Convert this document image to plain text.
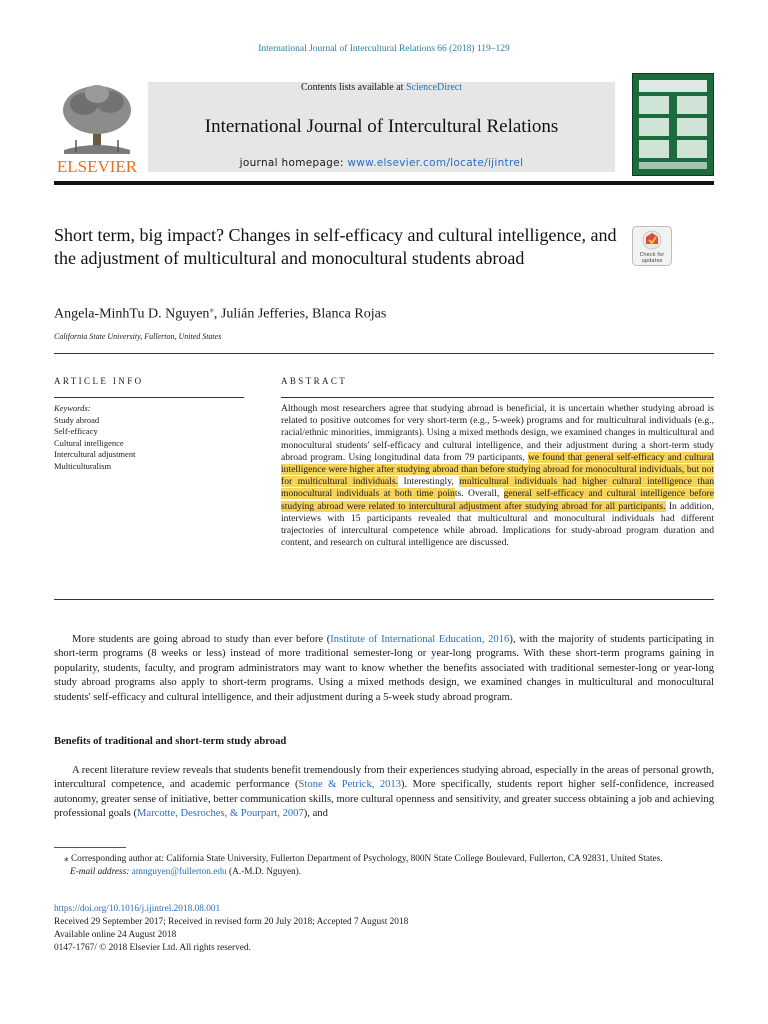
International Journal of Intercultural Relations 66 (2018) 119–129
ELSEVIER
Contents lists available at ScienceDirect
International Journal of Intercultural Relations
journal homepage: www.elsevier.com/locate/ijintrel
Short term, big impact? Changes in self-efficacy and cultural intelligence, and the adjustment of multicultural and monocultural students abroad	Check for
updates
Angela-MinhTu D. Nguyen⁎, Julián Jefferies, Blanca Rojas
California State University, Fullerton, United States
ARTICLE INFO
Keywords:
Study abroad
Self-efficacy
Cultural intelligence
Intercultural adjustment
Multiculturalism
ABSTRACT
Although most researchers agree that studying abroad is beneficial, it is uncertain whether studying abroad is related to positive outcomes for very short-term (e.g., 5-week) programs and for multicultural individuals (e.g., racial/ethnic minorities, immigrants). Using a mixed methods design, we examined changes in multicultural and monocultural students' self-efficacy and cultural intelligence, and their adjustment during a short-term study abroad program. Using longitudinal data from 79 participants, we found that general self-efficacy and cultural intelligence were higher after studying abroad than before studying abroad for monocultural individuals, but not for multicultural individuals. Interestingly, multicultural individuals had higher cultural intelligence than monocultural individuals at both time points. Overall, general self-efficacy and cultural intelligence before studying abroad were related to intercultural adjustment after studying abroad for all participants. In addition, interviews with 15 participants revealed that multicultural and monocultural individuals had different trajectories of intercultural competence while abroad. Implications for study-abroad program duration and content, and research on cultural intelligence are discussed.
More students are going abroad to study than ever before (Institute of International Education, 2016), with the majority of students participating in short-term programs (8 weeks or less) instead of more traditional semester-long or year-long programs. With these short-term programs gaining in popularity, students, faculty, and program administrators may want to know whether the benefits associated with traditional semester-long or year-long study abroad programs also apply to short-term programs. Using a mixed methods design, we examined changes in multicultural and monocultural students' self-efficacy and cultural intelligence, and their adjustment during a 5-week study abroad program.
Benefits of traditional and short-term study abroad
A recent literature review reveals that students benefit tremendously from their experiences studying abroad, especially in the areas of personal growth, intercultural competence, and academic performance (Stone & Petrick, 2013). More specifically, students report higher self-confidence, increased autonomy, greater sense of initiative, better communication skills, more cultural openness and sensitivity, and greater success obtaining a job and achieving professional goals (Marcotte, Desroches, & Pourpart, 2007), and
⁎ Corresponding author at: California State University, Fullerton Department of Psychology, 800N State College Boulevard, Fullerton, CA 92831, United States.
E-mail address: amnguyen@fullerton.edu (A.-M.D. Nguyen).
https://doi.org/10.1016/j.ijintrel.2018.08.001
Received 29 September 2017; Received in revised form 20 July 2018; Accepted 7 August 2018
Available online 24 August 2018
0147-1767/ © 2018 Elsevier Ltd. All rights reserved.
